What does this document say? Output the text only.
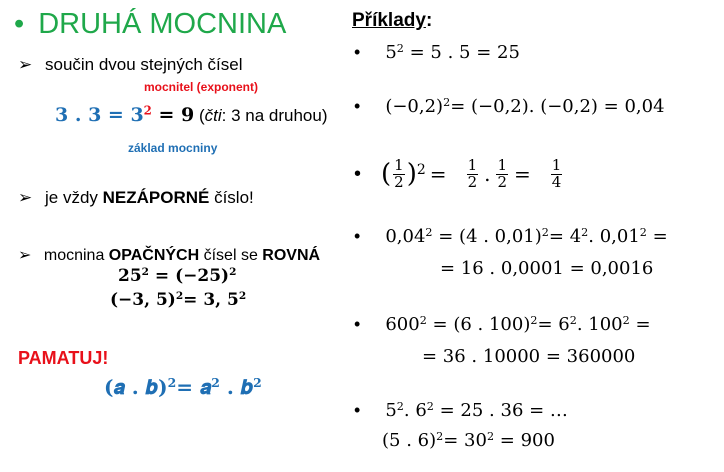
• DRUHÁ MOCNINA
➢ součin dvou stejných čísel
mocnitel (exponent)
3 . $3 = 3^2 = 9$ (čti: 3 na druhou)
základ mocniny
➢ je vždy NEZÁPORNÉ číslo!
➢ mocnina OPAČNÝCH čísel se ROVNÁ
$25^2 = (-25)^2$
(−3, 5)$^2$= 3, $5^2$
PAMATUJ!
(𝒂 . 𝒃)$^2$= 𝒂$^2$ . 𝒃$^2$
Příklady:
• $5^2 = 5$ . 5 = 25
• $(-0,2)^2= (-0,2)$. (−0,2) = 0,04
• ( $\frac{1}{2}$ ) $2 = \frac{1}{2}$ . $\frac{1}{2} = \frac{1}{4}$
• $0,04^2 = (4$ . $0,01)^2= 4^2$. $0,01^2$ =
= 16 . 0,0001 = 0,0016
• $600^2 = (6$ . $100)^2= 6^2$. $100^2$ =
= 36 . 10000 = 360000
• $5^2$. $6^2 = 25$ . 36 = …
(5 . $6)^2= 30^2 = 900$
